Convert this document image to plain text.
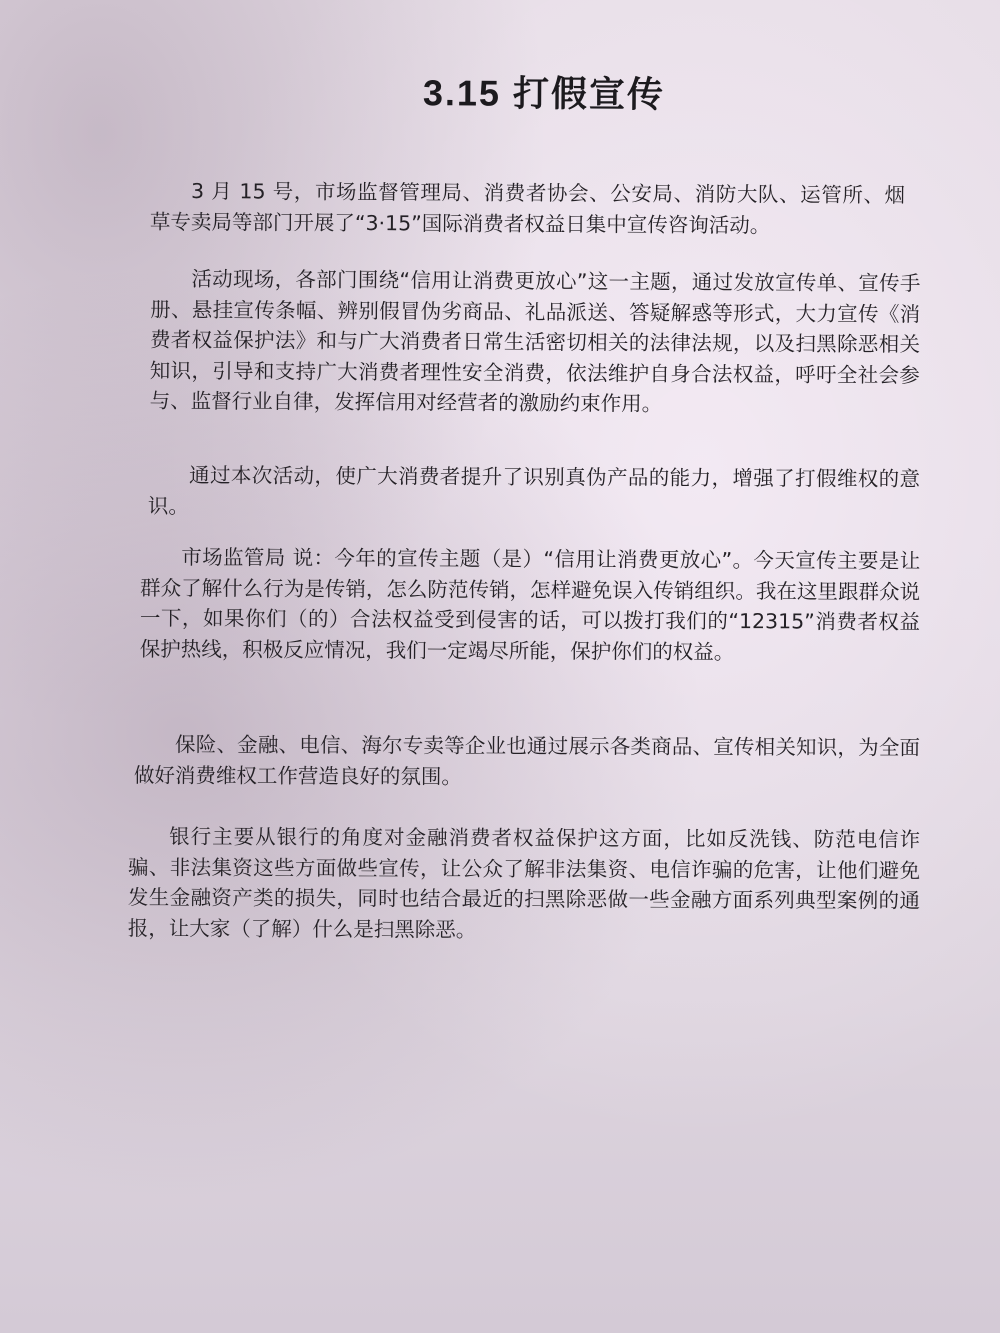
3.15 打假宣传

3 月 15 号，市场监督管理局、消费者协会、公安局、消防大队、运管所、烟草专卖局等部门开展了“3·15”国际消费者权益日集中宣传咨询活动。

活动现场，各部门围绕“信用让消费更放心”这一主题，通过发放宣传单、宣传手册、悬挂宣传条幅、辨别假冒伪劣商品、礼品派送、答疑解惑等形式，大力宣传《消费者权益保护法》和与广大消费者日常生活密切相关的法律法规，以及扫黑除恶相关知识，引导和支持广大消费者理性安全消费，依法维护自身合法权益，呼吁全社会参与、监督行业自律，发挥信用对经营者的激励约束作用。

通过本次活动，使广大消费者提升了识别真伪产品的能力，增强了打假维权的意识。

市场监管局 说：今年的宣传主题（是）“信用让消费更放心”。今天宣传主要是让群众了解什么行为是传销，怎么防范传销，怎样避免误入传销组织。我在这里跟群众说一下，如果你们（的）合法权益受到侵害的话，可以拨打我们的“12315”消费者权益保护热线，积极反应情况，我们一定竭尽所能，保护你们的权益。

保险、金融、电信、海尔专卖等企业也通过展示各类商品、宣传相关知识，为全面做好消费维权工作营造良好的氛围。

银行主要从银行的角度对金融消费者权益保护这方面，比如反洗钱、防范电信诈骗、非法集资这些方面做些宣传，让公众了解非法集资、电信诈骗的危害，让他们避免发生金融资产类的损失，同时也结合最近的扫黑除恶做一些金融方面系列典型案例的通报，让大家（了解）什么是扫黑除恶。
